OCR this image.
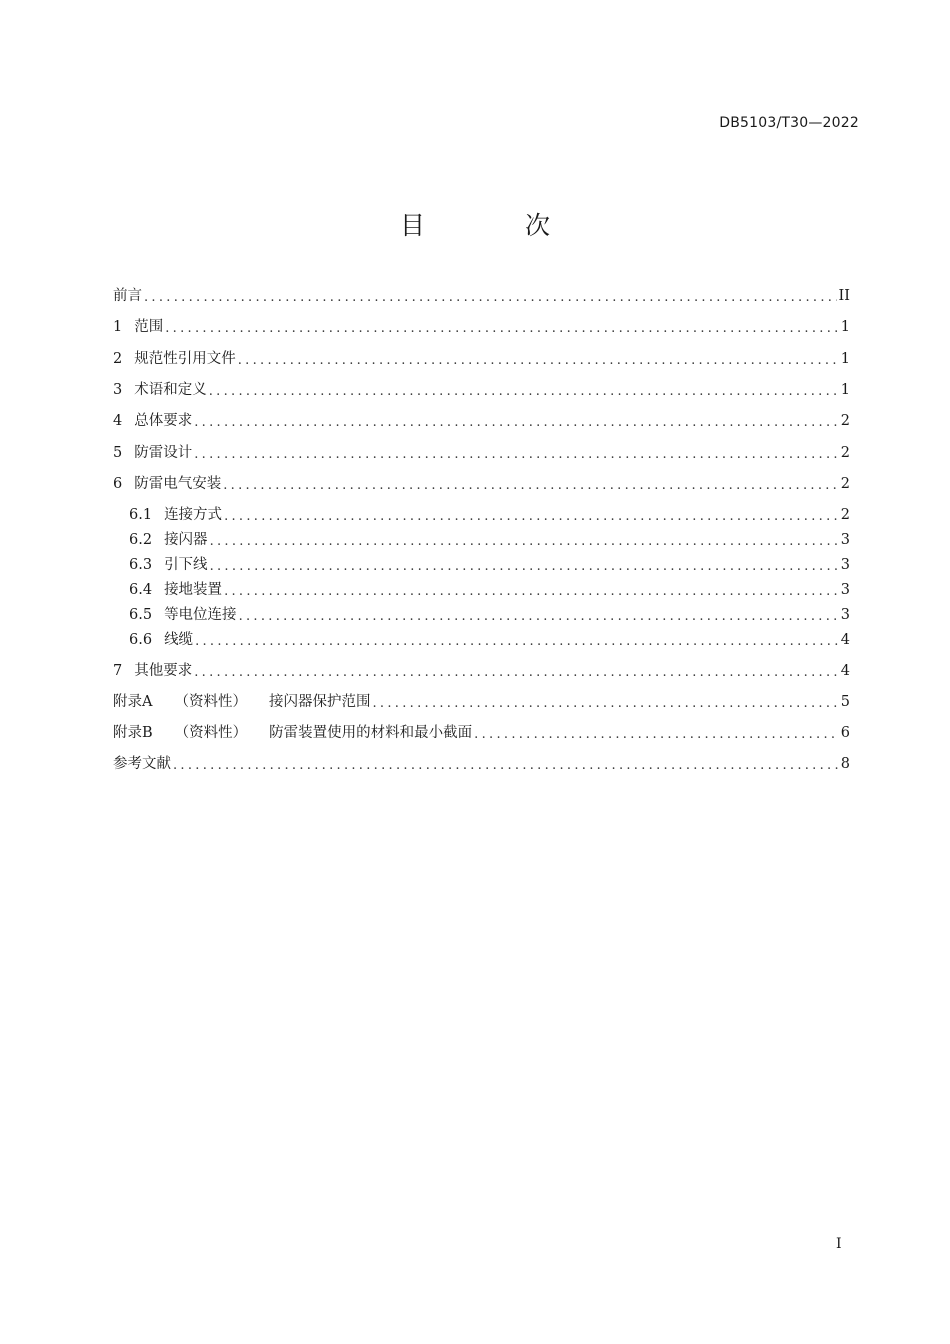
DB5103/T30—2022
目 次
前言 .....	II
1 范围 .....	1
2 规范性引用文件 .....	1
3 术语和定义 .....	1
4 总体要求 .....	2
5 防雷设计 .....	2
6 防雷电气安装 .....	2
6.1 连接方式 .....	2
6.2 接闪器 .....	3
6.3 引下线 .....	3
6.4 接地装置 .....	3
6.5 等电位连接 .....	3
6.6 线缆 .....	4
7 其他要求 .....	4
附录A （资料性） 接闪器保护范围 .....	5
附录B （资料性） 防雷装置使用的材料和最小截面 .....	6
参考文献 .....	8
I
